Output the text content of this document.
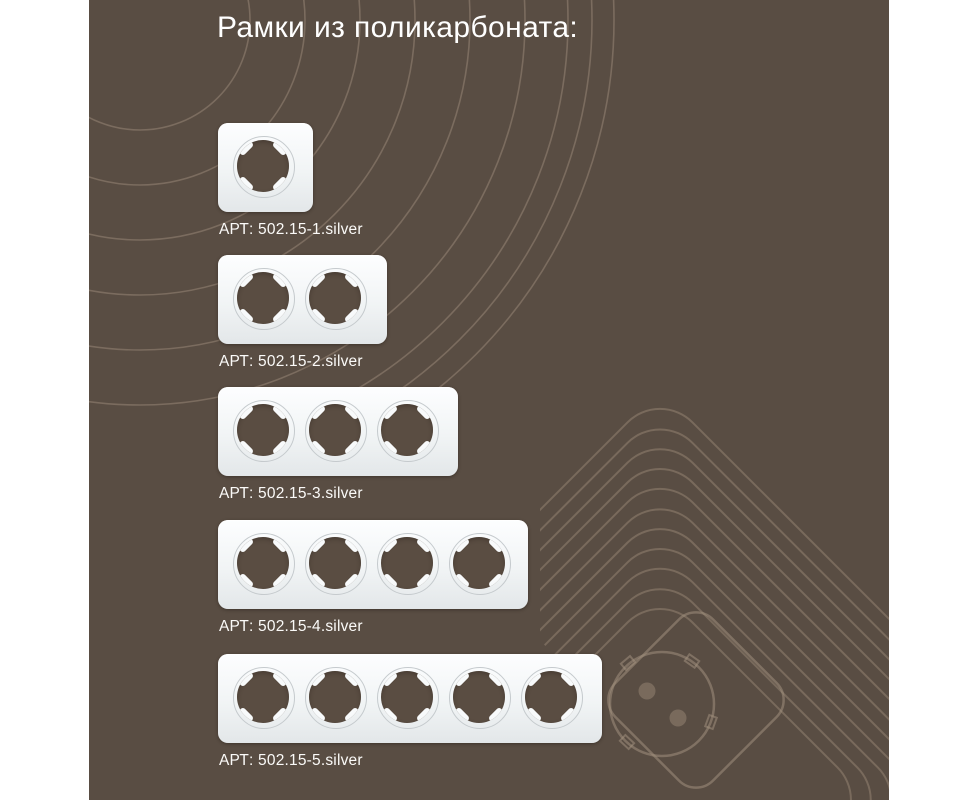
Рамки из поликарбоната:
АРТ: 502.15-1.silver
АРТ: 502.15-2.silver
АРТ: 502.15-3.silver
АРТ: 502.15-4.silver
АРТ: 502.15-5.silver
